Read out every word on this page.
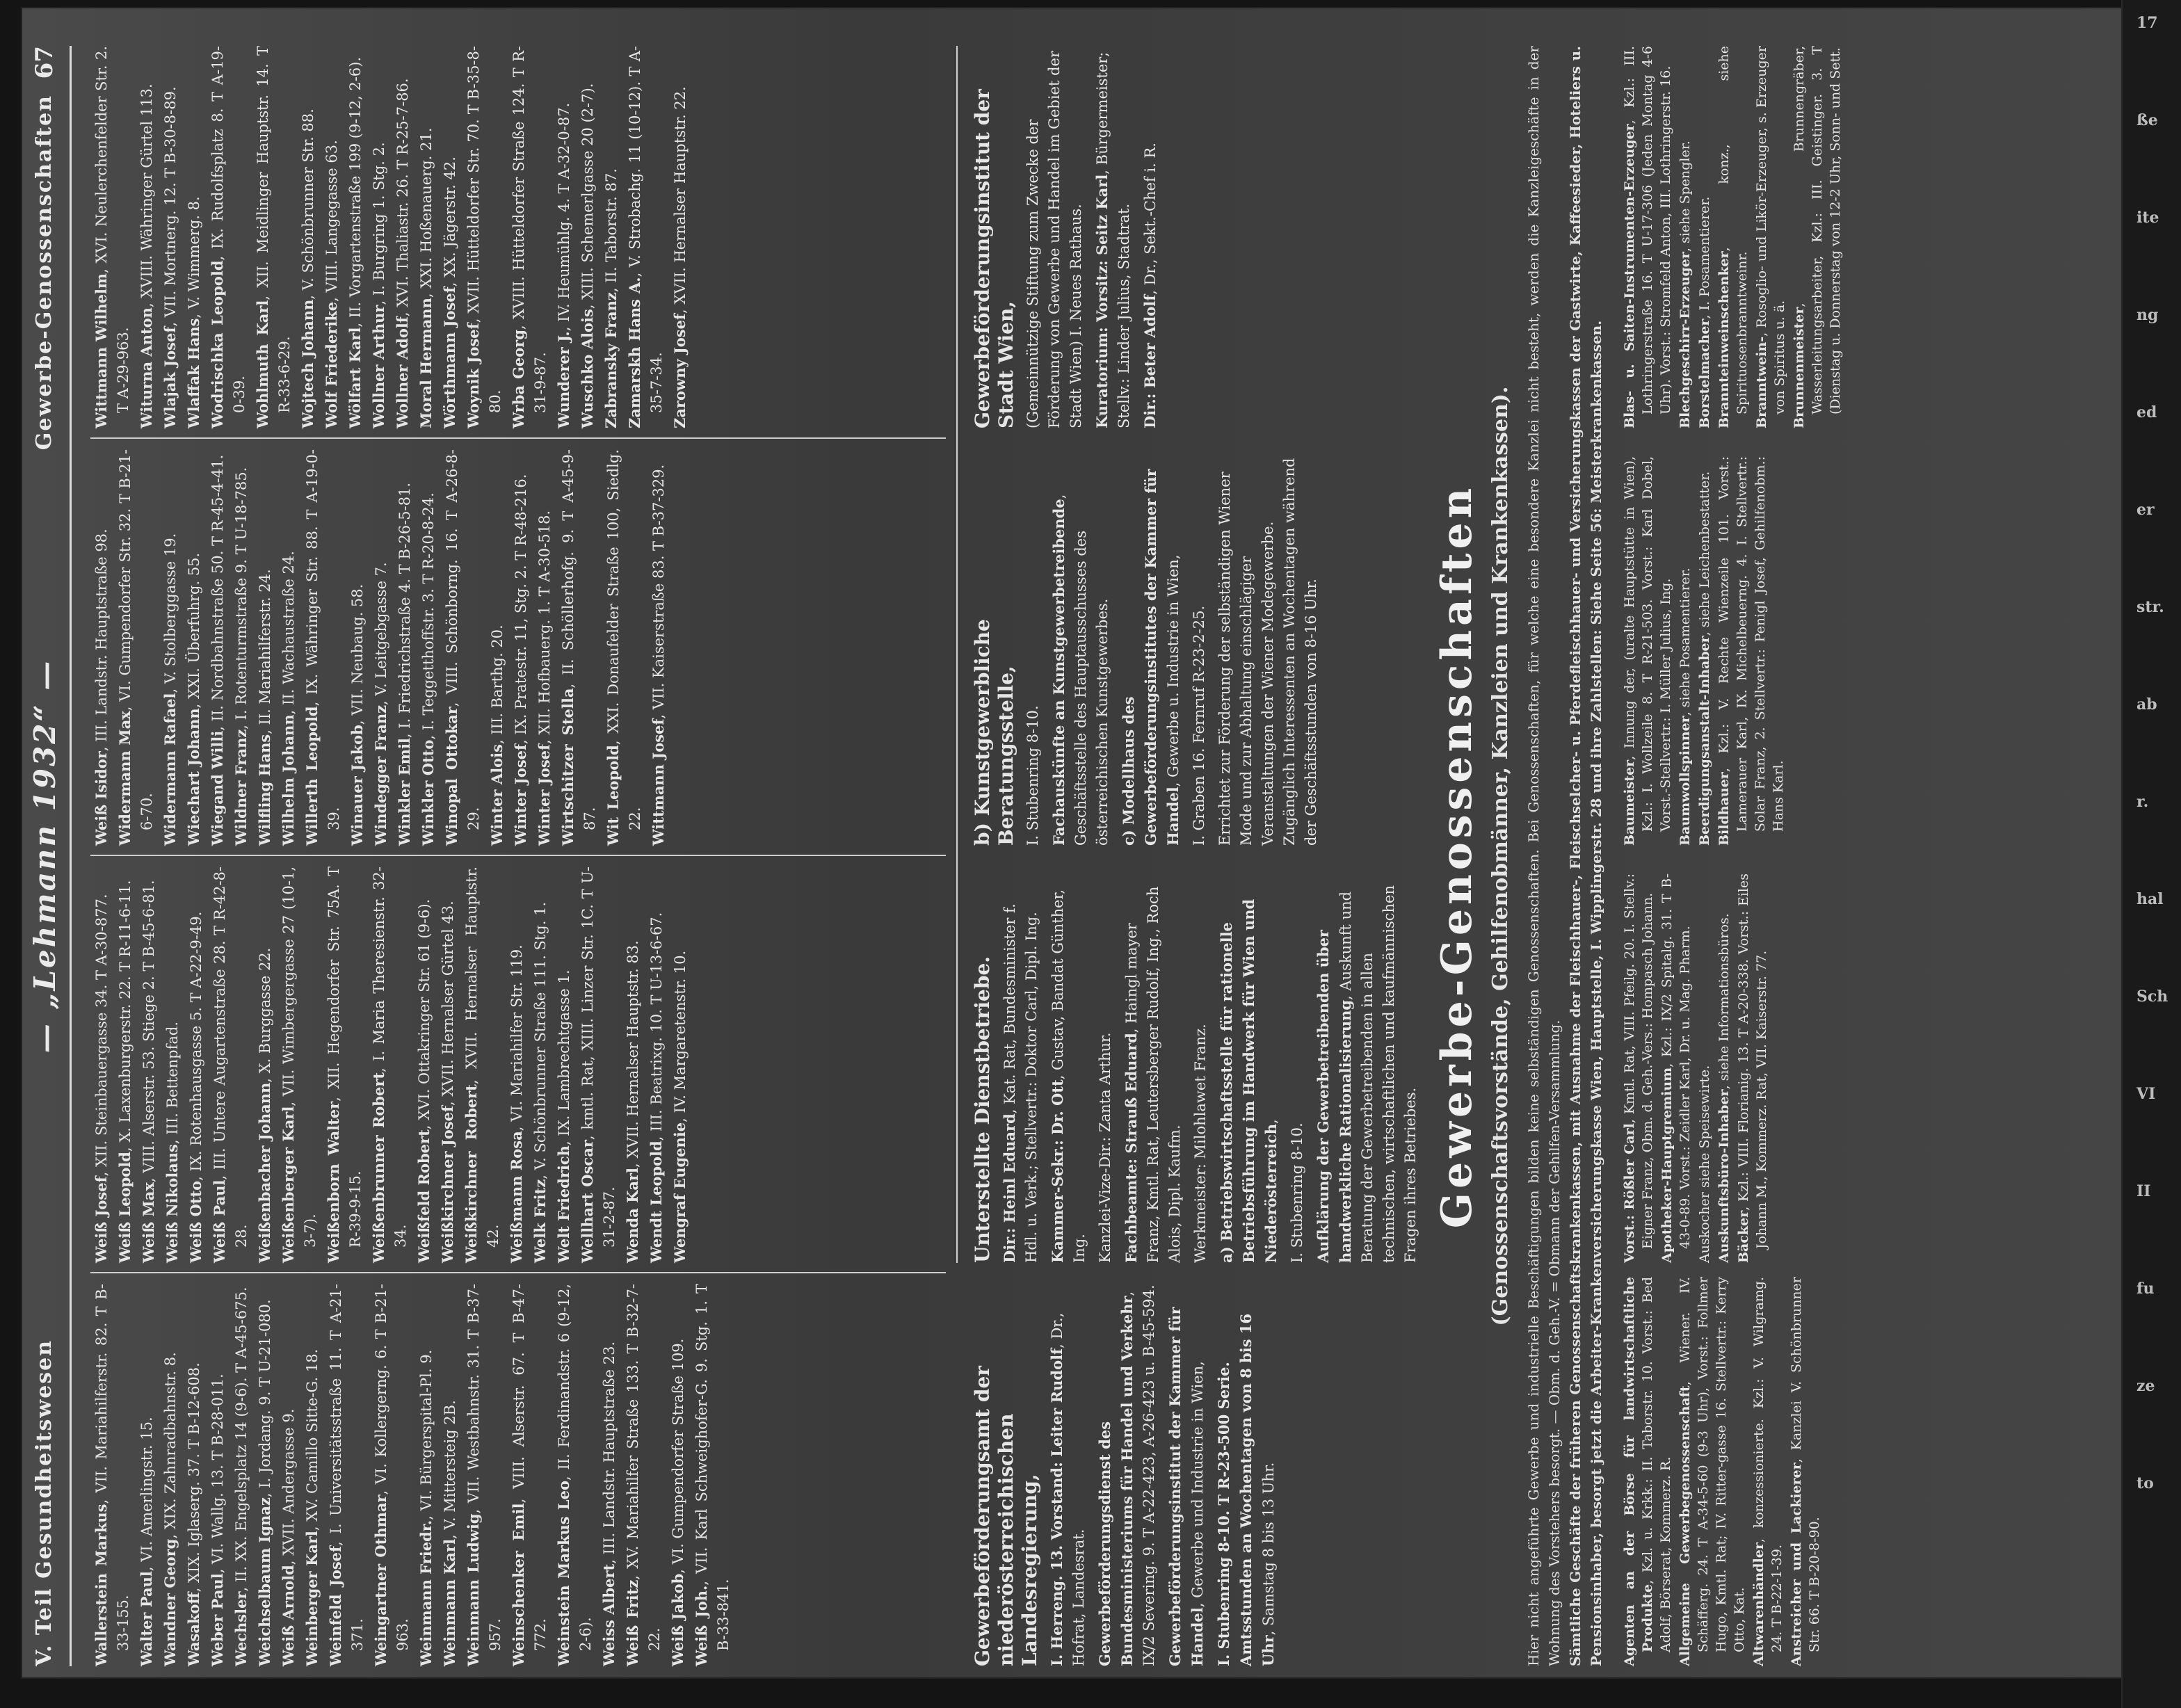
17
ße
ite
ng
ed
er
str.
ab
r.
hal
Sch
VI
II
fu
ze
to
V. Teil Gesundheitswesen
— „Lehmann 1932“ —
Gewerbe-Genossenschaften
67

Wallerstein Markus, VII. Mariahilferstr. 82. T B-33-155. Walter Paul, VI. Amerlingstr. 15.

Wandner Georg, XIX. Zahnradbahnstr. 8.

Wasakoff, XIX. Iglaserg. 37. T B-12-608.

Weber Paul, VI. Wallg. 13. T B-28-011.

Wechsler, II. XX. Engelsplatz 14 (9-6). T A-45-675. Weichselbaum Ignaz, I. Jordang. 9. T U-21-080.

Weiß Arnold, XVII. Andergasse 9.

Weinberger Karl, XV. Camillo Sitte-G. 18.

Weinfeld Josef, I. Universitätsstraße 11. T A-21-371. Weingartner Othmar, VI. Kollergerng. 6. T B-21-963. Weinmann Friedr., VI. Bürgerspital-Pl. 9.

Weinmann Karl, V. Mittersteig 2B.

Weinmann Ludwig, VII. Westbahnstr. 31. T B-37-957. Weinschenker Emil, VIII. Alserstr. 67. T B-47-772. Weinstein Markus Leo, II. Ferdinandstr. 6 (9-12, 2-6). Weiss Albert, III. Landstr. Hauptstraße 23.

Weiß Fritz, XV. Mariahilfer Straße 133. T B-32-7-22. Weiß Jakob, VI. Gumpendorfer Straße 109.

Weiß Joh., VII. Karl Schweighofer-G. 9. Stg. 1. T B-33-841.

Weiß Josef, XII. Steinbauergasse 34. T A-30-877.

Weiß Leopold, X. Laxenburgerstr. 22. T R-11-6-11.

Weiß Max, VIII. Alserstr. 53. Stiege 2. T B-45-6-81.

Weiß Nikolaus, III. Bettenpfad.

Weiß Otto, IX. Rotenhausgasse 5. T A-22-9-49.

Weiß Paul, III. Untere Augartenstraße 28. T R-42-8-28. Weißenbacher Johann, X. Burggasse 22.

Weißenberger Karl, VII. Wimbergergasse 27 (10-1, 3-7). Weißenborn Walter, XII. Hegendorfer Str. 75A. T R-39-9-15. Weißenbrunner Robert, I. Maria Theresienstr. 32-34. Weißfeld Robert, XVI. Ottakringer Str. 61 (9-6).

Weißkirchner Josef, XVII. Hernalser Gürtel 43.

Weißkirchner Robert, XVII. Hernalser Hauptstr. 42. Weißmann Rosa, VI. Mariahilfer Str. 119.

Welk Fritz, V. Schönbrunner Straße 111. Stg. 1.

Welt Friedrich, IX. Lambrechtgasse 1.

Wellhart Oscar, kmtl. Rat, XIII. Linzer Str. 1C. T U-31-2-87. Wenda Karl, XVII. Hernalser Hauptstr. 83.

Wendt Leopold, III. Beatrixg. 10. T U-13-6-67.

Wengraf Eugenie, IV. Margaretenstr. 10.

Weiß Isidor, III. Landstr. Hauptstraße 98.

Widermann Max, VI. Gumpendorfer Str. 32. T B-21-6-70. Widermann Rafael, V. Stolberggasse 19.

Wiechart Johann, XXI. Überfuhrg. 55.

Wiegand Willi, II. Nordbahnstraße 50. T R-45-4-41.

Wildner Franz, I. Rotenturmstraße 9. T U-18-785.

Wilfling Hans, II. Mariahilferstr. 24.

Wilhelm Johann, II. Wachaustraße 24.

Willerth Leopold, IX. Währinger Str. 88. T A-19-0-39. Winauer Jakob, VII. Neubaug. 58.

Windegger Franz, V. Leitgebgasse 7.

Winkler Emil, I. Friedrichstraße 4. T B-26-5-81.

Winkler Otto, I. Teggetthoffstr. 3. T R-20-8-24.

Winopal Ottokar, VIII. Schönborng. 16. T A-26-8-29. Winter Alois, III. Barthg. 20.

Winter Josef, IX. Pratestr. 11, Stg. 2. T R-48-216.

Winter Josef, XII. Hofbauerg. 1. T A-30-518.

Wirtschitzer Stella, II. Schöllerhofg. 9. T A-45-9-87. Wit Leopold, XXI. Donaufelder Straße 100, Siedlg. 22. Wittmann Josef, VII. Kaiserstraße 83. T B-37-329.

Wittmann Wilhelm, XVI. Neulerchenfelder Str. 2. T A-29-963. Witurna Anton, XVIII. Währinger Gürtel 113.

Wlajak Josef, VII. Mortnerg. 12. T B-30-8-89.

Wlaffak Hans, V. Wimmerg. 8.

Wodrischka Leopold, IX. Rudolfsplatz 8. T A-19-0-39. Wohlmuth Karl, XII. Meidlinger Hauptstr. 14. T R-33-6-29. Wojtech Johann, V. Schönbrunner Str. 88.

Wolf Friederike, VIII. Langegasse 63.

Wölfart Karl, II. Vorgartenstraße 199 (9-12, 2-6).

Wollner Arthur, I. Burgring 1. Stg. 2.

Wollner Adolf, XVI. Thaliastr. 26. T R-25-7-86.

Moral Hermann, XXI. Hoßenauerg. 21.

Wörthmann Josef, XX. Jägerstr. 42.

Woynik Josef, XVII. Hütteldorfer Str. 70. T B-35-8-80. Wrba Georg, XVIII. Hütteldorfer Straße 124. T R-31-9-87. Wunderer J., IV. Heumühlg. 4. T A-32-0-87.

Wuschko Alois, XIII. Schemerlgasse 20 (2-7).

Zabransky Franz, II. Taborstr. 87.

Zamarskh Hans A., V. Strobachg. 11 (10-12). T A-35-7-34. Zarowny Josef, XVII. Hernalser Hauptstr. 22.

Gewerbeförderungsamt der niederösterreichischen Landesregierung, I. Herreng. 13. Vorstand: Leiter Rudolf, Dr., Hofrat, Landesrat. Gewerbeförderungsdienst des Bundesministeriums für Handel und Verkehr, IX/2 Severing. 9. T A-22-423, A-26-423 u. B-45-594. Gewerbeförderungsinstitut der Kammer für Handel, Gewerbe und Industrie in Wien, I. Stubenring 8-10. T R-23-500 Serie. Amtsstunden an Wochentagen von 8 bis 16 Uhr, Samstag 8 bis 13 Uhr.

Unterstellte Dienstbetriebe. Dir.: Heinl Eduard, Kat. Rat, Bundesminister f. Hdl. u. Verk.; Stellvertr.: Doktor Carl, Dipl. Ing. Kammer-Sekr.: Dr. Ott, Gustav, Bandat Günther, Ing. Kanzlei-Vize-Dir.: Zanta Arthur. Fachbeamte: Strauß Eduard, Haingl mayer Franz, Kmtl. Rat, Leutersberger Rudolf, Ing., Roch Alois, Dipl. Kaufm. Werkmeister: Milohlawet Franz. a) Betriebswirtschaftsstelle für rationelle Betriebsführung im Handwerk für Wien und Niederösterreich,

I. Stubenring 8-10. Aufklärung der Gewerbetreibenden über handwerkliche Rationalisierung, Auskunft und Beratung der Gewerbetreibenden in allen technischen, wirtschaftlichen und kaufmännischen Fragen ihres Betriebes.

b) Kunstgewerbliche Beratungsstelle, I. Stubenring 8-10. Fachauskünfte an Kunstgewerbetreibende, Geschäftsstelle des Hauptausschusses des österreichischen Kunstgewerbes. c) Modellhaus des Gewerbeförderungsinstitutes der Kammer für Handel, Gewerbe u. Industrie in Wien, I. Graben 16. Fernruf R-23-2-25. Errichtet zur Förderung der selbständigen Wiener Mode und zur Abhaltung einschlägiger Veranstaltungen der Wiener Modegewerbe. Zugänglich Interessenten an Wochentagen während der Geschäftsstunden von 8-16 Uhr.

Gewerbeförderungsinstitut der Stadt Wien, (Gemeinnützige Stiftung zum Zwecke der Förderung von Gewerbe und Handel im Gebiet der Stadt Wien) I. Neues Rathaus. Kuratorium: Vorsitz: Seitz Karl, Bürgermeister; Stellv.: Linder Julius, Stadtrat. Dir.: Beter Adolf, Dr., Sekt.-Chef i. R.

Gewerbe-Genossenschaften (Genossenschaftsvorstände, Gehilfenobmänner, Kanzleien und Krankenkassen). Hier nicht angeführte Gewerbe und industrielle Beschäftigungen bilden keine selbständigen Genossenschaften. Bei Genossenschaften, für welche eine besondere Kanzlei nicht besteht, werden die Kanzleigeschäfte in der Wohnung des Vorstehers besorgt. — Obm. d. Geh.-V. = Obmann der Gehilfen-Versammlung. Sämtliche Geschäfte der früheren Genossenschaftskrankenkassen, mit Ausnahme der Fleischhauer-, Fleischselcher- u. Pferdefleischhauer- und Versicherungskassen der Gastwirte, Kaffeesieder, Hoteliers u. Pensionsinhaber, besorgt jetzt die Arbeiter-Krankenversicherungskasse Wien, Hauptstelle, I. Wipplingerstr. 28 und ihre Zahlstellen: Siehe Seite 56: Meisterkrankenkassen. Agenten an der Börse für landwirtschaftliche Produkte, Kzl. u. Krkk.: II. Taborstr. 10. Vorst.: Bed Adolf, Börserat, Kommerz. R. Allgemeine Gewerbegenossenschaft, Wiener. IV. Schäfferg. 24. T A-34-5-60 (9-3 Uhr), Vorst.: Follmer Hugo, Kmtl. Rat; IV. Ritter-gasse 16. Stellvertr.: Kerry Otto, Kat. Altwarenhändler, konzessionierte. Kzl.: V. Wilgramg. 24. T B-22-1-39. Anstreicher und Lackierer, Kanzlei V. Schönbrunner Str. 66. T B-20-8-90.

Vorst.: Rößler Carl, Kmtl. Rat, VIII. Pfeilg. 20. I. Stellv.: Eigner Franz, Obm. d. Geh.-Vers.: Hompasch Johann. Apotheker-Hauptgremium, Kzl.: IX/2 Spitalg. 31. T B-43-0-89. Vorst.: Zeidler Karl, Dr. u. Mag. Pharm. Auskocher siehe Speisewirte. Auskunftsbüro-Inhaber, siehe Informationsbüros.

Bäcker, Kzl.: VIII. Florianig. 13. T A-20-338. Vorst.: Eiles Johann M., Kommerz. Rat, VII. Kaiserstr. 77.

Baumeister, Innung der, (uralte Hauptstütte in Wien), Kzl.: I. Wollzeile 8. T R-21-503. Vorst.: Karl Dobel, Vorst.-Stellvertr.: I. Müller Julius, Ing. Baumwollspinner, siehe Posamentierer. Beerdigungsanstalt-Inhaber, siehe Leichenbestatter.

Bildhauer, Kzl.: V. Rechte Wienzeile 101. Vorst.: Lamerauer Karl, IX. Michelbeuerng. 4. I. Stellvertr.: Solar Franz, 2. Stellvertr.: Penigl Josef, Gehilfenobm.: Hans Karl.

Blas- u. Saiten-Instrumenten-Erzeuger, Kzl.: III. Lothringerstraße 16. T U-17-306 (Jeden Montag 4-6 Uhr). Vorst.: Stromfeld Anton, III. Lothringerstr. 16. Blechgeschirr-Erzeuger, siehe Spengler.

Borstelmacher, I. Posamentierer. Brannteinweinschenker, konz., siehe Spirituosenbranntweinr. Branntwein-, Rosoglio- und Likör-Erzeuger, s. Erzeuger von Spiritus u. ä. Brunnenmeister, Brunnengräber, Wasserleitungsarbeiter, Kzl.: III. Geistinger. 3. T (Dienstag u. Donnerstag von 12-2 Uhr, Sonn- und Sett.
